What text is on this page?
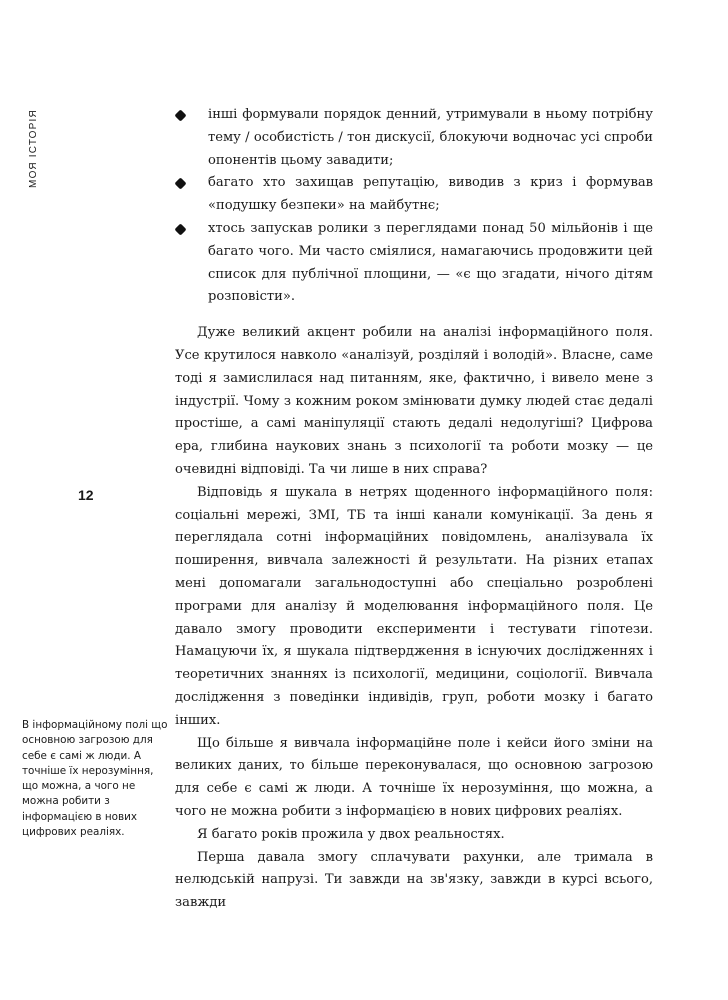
МОЯ ІСТОРІЯ
12
В інформаційному полі що основною загрозою для себе є самі ж люди. А точніше їх нерозуміння, що можна, а чого не можна робити з інформацією в нових цифрових реаліях.
інші формували порядок денний, утримували в ньому потрібну тему / особистість / тон дискусії, блокуючи водночас усі спроби опонентів цьому завадити;
багато хто захищав репутацію, виводив з криз і формував «подушку безпеки» на майбутнє;
хтось запускав ролики з переглядами понад 50 мільйонів і ще багато чого. Ми часто сміялися, намагаючись продовжити цей список для публічної площини, — «є що згадати, нічого дітям розповісти».

Дуже великий акцент робили на аналізі інформаційного поля. Усе крутилося навколо «аналізуй, розділяй і володій». Власне, саме тоді я замислилася над питанням, яке, фактично, і вивело мене з індустрії. Чому з кожним роком змінювати думку людей стає дедалі простіше, а самі маніпуляції стають дедалі недолугіші? Цифрова ера, глибина наукових знань з психології та роботи мозку — це очевидні відповіді. Та чи лише в них справа?

Відповідь я шукала в нетрях щоденного інформаційного поля: соціальні мережі, ЗМІ, ТБ та інші канали комунікації. За день я переглядала сотні інформаційних повідомлень, аналізувала їх поширення, вивчала залежності й результати. На різних етапах мені допомагали загальнодоступні або спеціально розроблені програми для аналізу й моделювання інформаційного поля. Це давало змогу проводити експерименти і тестувати гіпотези. Намацуючи їх, я шукала підтвердження в існуючих дослідженнях і теоретичних знаннях із психології, медицини, соціології. Вивчала дослідження з поведінки індивідів, груп, роботи мозку і багато інших.

Що більше я вивчала інформаційне поле і кейси його зміни на великих даних, то більше переконувалася, що основною загрозою для себе є самі ж люди. А точніше їх нерозуміння, що можна, а чого не можна робити з інформацією в нових цифрових реаліях.

Я багато років прожила у двох реальностях.

Перша давала змогу сплачувати рахунки, але тримала в нелюдській напрузі. Ти завжди на зв'язку, завжди в курсі всього, завжди
